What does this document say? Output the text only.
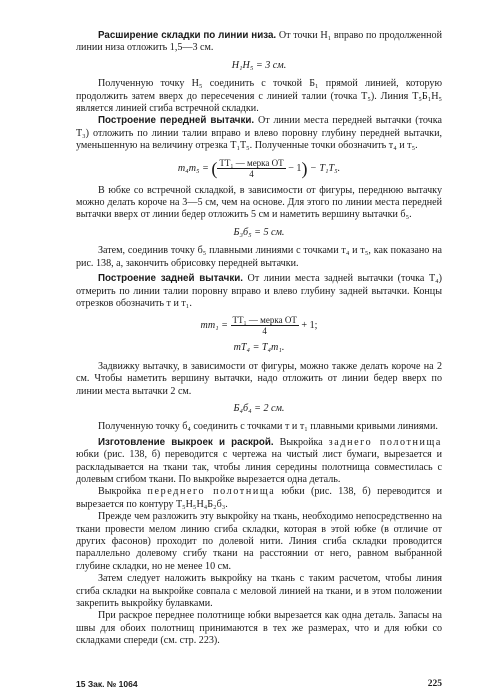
Расширение складки по линии низа. От точки H₁ вправо по продолженной линии низа отложить 1,5—3 см.

H₁H₅ = 3 см.

Полученную точку H₅ соединить с точкой Б₁ прямой линией, которую продолжить затем вверх до пересечения с линией талии (точка T₅). Линия T₅Б₁H₅ является линией сгиба встречной складки.

Построение передней вытачки. От линии места передней вытачки (точка T₃) отложить по линии талии вправо и влево поровну глубину передней вытачки, уменьшенную на величину отрезка T₁T₅. Полученные точки обозначить т₄ и т₅.

т₄т₅ = ( $\frac{\text{TT₁ — мерка ОТ}}{4} - 1) - T_1T_5$.

В юбке со встречной складкой, в зависимости от фигуры, переднюю вытачку можно делать короче на 3—5 см, чем на основе. Для этого по линии места передней вытачки вверх от линии бедер отложить 5 см и наметить вершину вытачки б₅.

Б₃б₅ = 5 см.

Затем, соединив точку б₅ плавными линиями с точками т₄ и т₅, как показано на рис. 138, а, закончить обрисовку передней вытачки.

Построение задней вытачки. От линии места задней вытачки (точка T₄) отмерить по линии талии поровну вправо и влево глубину задней вытачки. Концы отрезков обозначить т и т₁.

$тт_1 = \frac{\text{TT₁ — мерка ОТ}}{4} + 1$;
тT₄ = T₄т₁.

Задвижку вытачку, в зависимости от фигуры, можно также делать короче на 2 см. Чтобы наметить вершину вытачки, надо отложить от линии бедер вверх по линии места вытачки 2 см.

Б₄б₄ = 2 см.

Полученную точку б₄ соединить с точками т и т₁ плавными кривыми линиями.

Изготовление выкроек и раскрой. Выкройка заднего полотнища юбки (рис. 138, б) переводится с чертежа на чистый лист бумаги, вырезается и раскладывается на ткани так, чтобы линия середины полотнища совместилась с долевым сгибом ткани. По выкройке вырезается одна деталь.

Выкройка переднего полотнища юбки (рис. 138, б) переводится и вырезается по контуру T₅H₅H₄Б₂б₃.

Прежде чем разложить эту выкройку на ткань, необходимо непосредственно на ткани провести мелом линию сгиба складки, которая в этой юбке (в отличие от других фасонов) проходит по долевой нити. Линия сгиба складки проводится параллельно долевому сгибу ткани на расстоянии от него, равном выбранной глубине складки, но не менее 10 см.

Затем следует наложить выкройку на ткань с таким расчетом, чтобы линия сгиба складки на выкройке совпала с меловой линией на ткани, и в этом положении закрепить выкройку булавками.

При раскрое переднее полотнище юбки вырезается как одна деталь. Запасы на швы для обоих полотнищ принимаются в тех же размерах, что и для юбки со складками спереди (см. стр. 223).

15 Зак. № 1064	225
